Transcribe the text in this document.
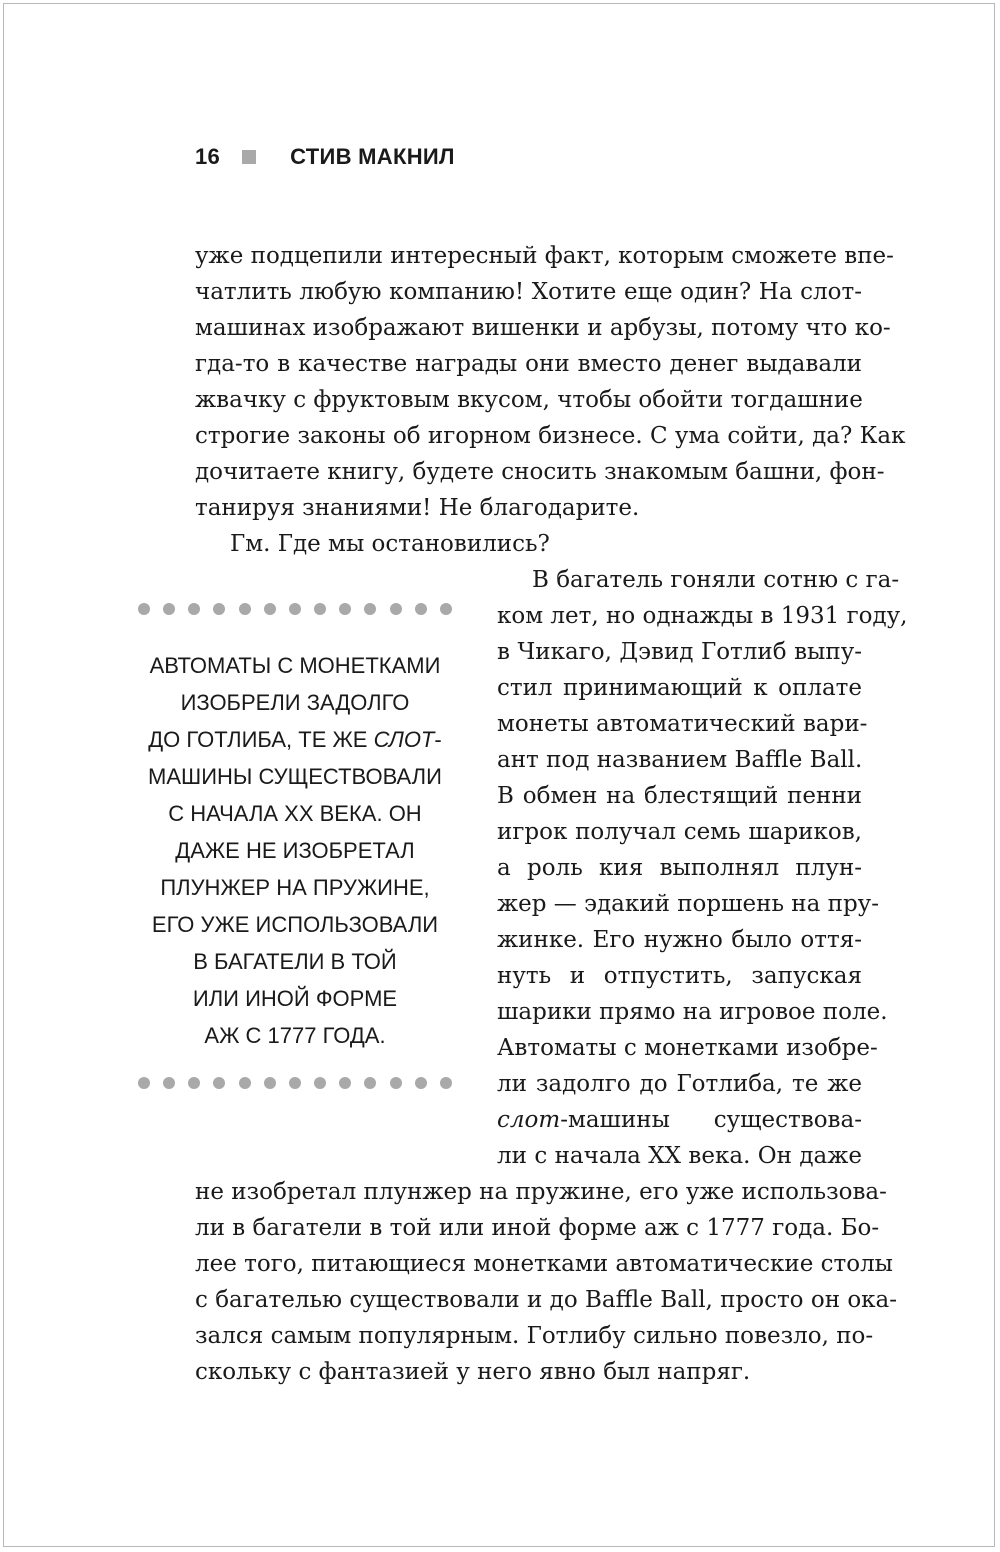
16	СТИВ МАКНИЛ
уже подцепили интересный факт, которым сможете впе-
чатлить любую компанию! Хотите еще один? На слот-
машинах изображают вишенки и арбузы, потому что ко-
гда-то в качестве награды они вместо денег выдавали
жвачку с фруктовым вкусом, чтобы обойти тогдашние
строгие законы об игорном бизнесе. С ума сойти, да? Как
дочитаете книгу, будете сносить знакомым башни, фон-
танируя знаниями! Не благодарите.
Гм. Где мы остановились?
В багатель гоняли сотню с га-
ком лет, но однажды в 1931 году,
в Чикаго, Дэвид Готлиб выпу-
стил принимающий к оплате
монеты автоматический вари-
ант под названием Baffle Ball.
В обмен на блестящий пенни
игрок получал семь шариков,
а роль кия выполнял плун-
жер — эдакий поршень на пру-
жинке. Его нужно было оття-
нуть и отпустить, запуская
шарики прямо на игровое поле.
Автоматы с монетками изобре-
ли задолго до Готлиба, те же
слот-машины существова-
ли с начала XX века. Он даже
не изобретал плунжер на пружине, его уже использова-
ли в багатели в той или иной форме аж с 1777 года. Бо-
лее того, питающиеся монетками автоматические столы
с багателью существовали и до Baffle Ball, просто он ока-
зался самым популярным. Готлибу сильно повезло, по-
скольку с фантазией у него явно был напряг.
АВТОМАТЫ С МОНЕТКАМИ
ИЗОБРЕЛИ ЗАДОЛГО
ДО ГОТЛИБА, ТЕ ЖЕ СЛОТ-
МАШИНЫ СУЩЕСТВОВАЛИ
С НАЧАЛА XX ВЕКА. ОН
ДАЖЕ НЕ ИЗОБРЕТАЛ
ПЛУНЖЕР НА ПРУЖИНЕ,
ЕГО УЖЕ ИСПОЛЬЗОВАЛИ
В БАГАТЕЛИ В ТОЙ
ИЛИ ИНОЙ ФОРМЕ
АЖ С 1777 ГОДА.
